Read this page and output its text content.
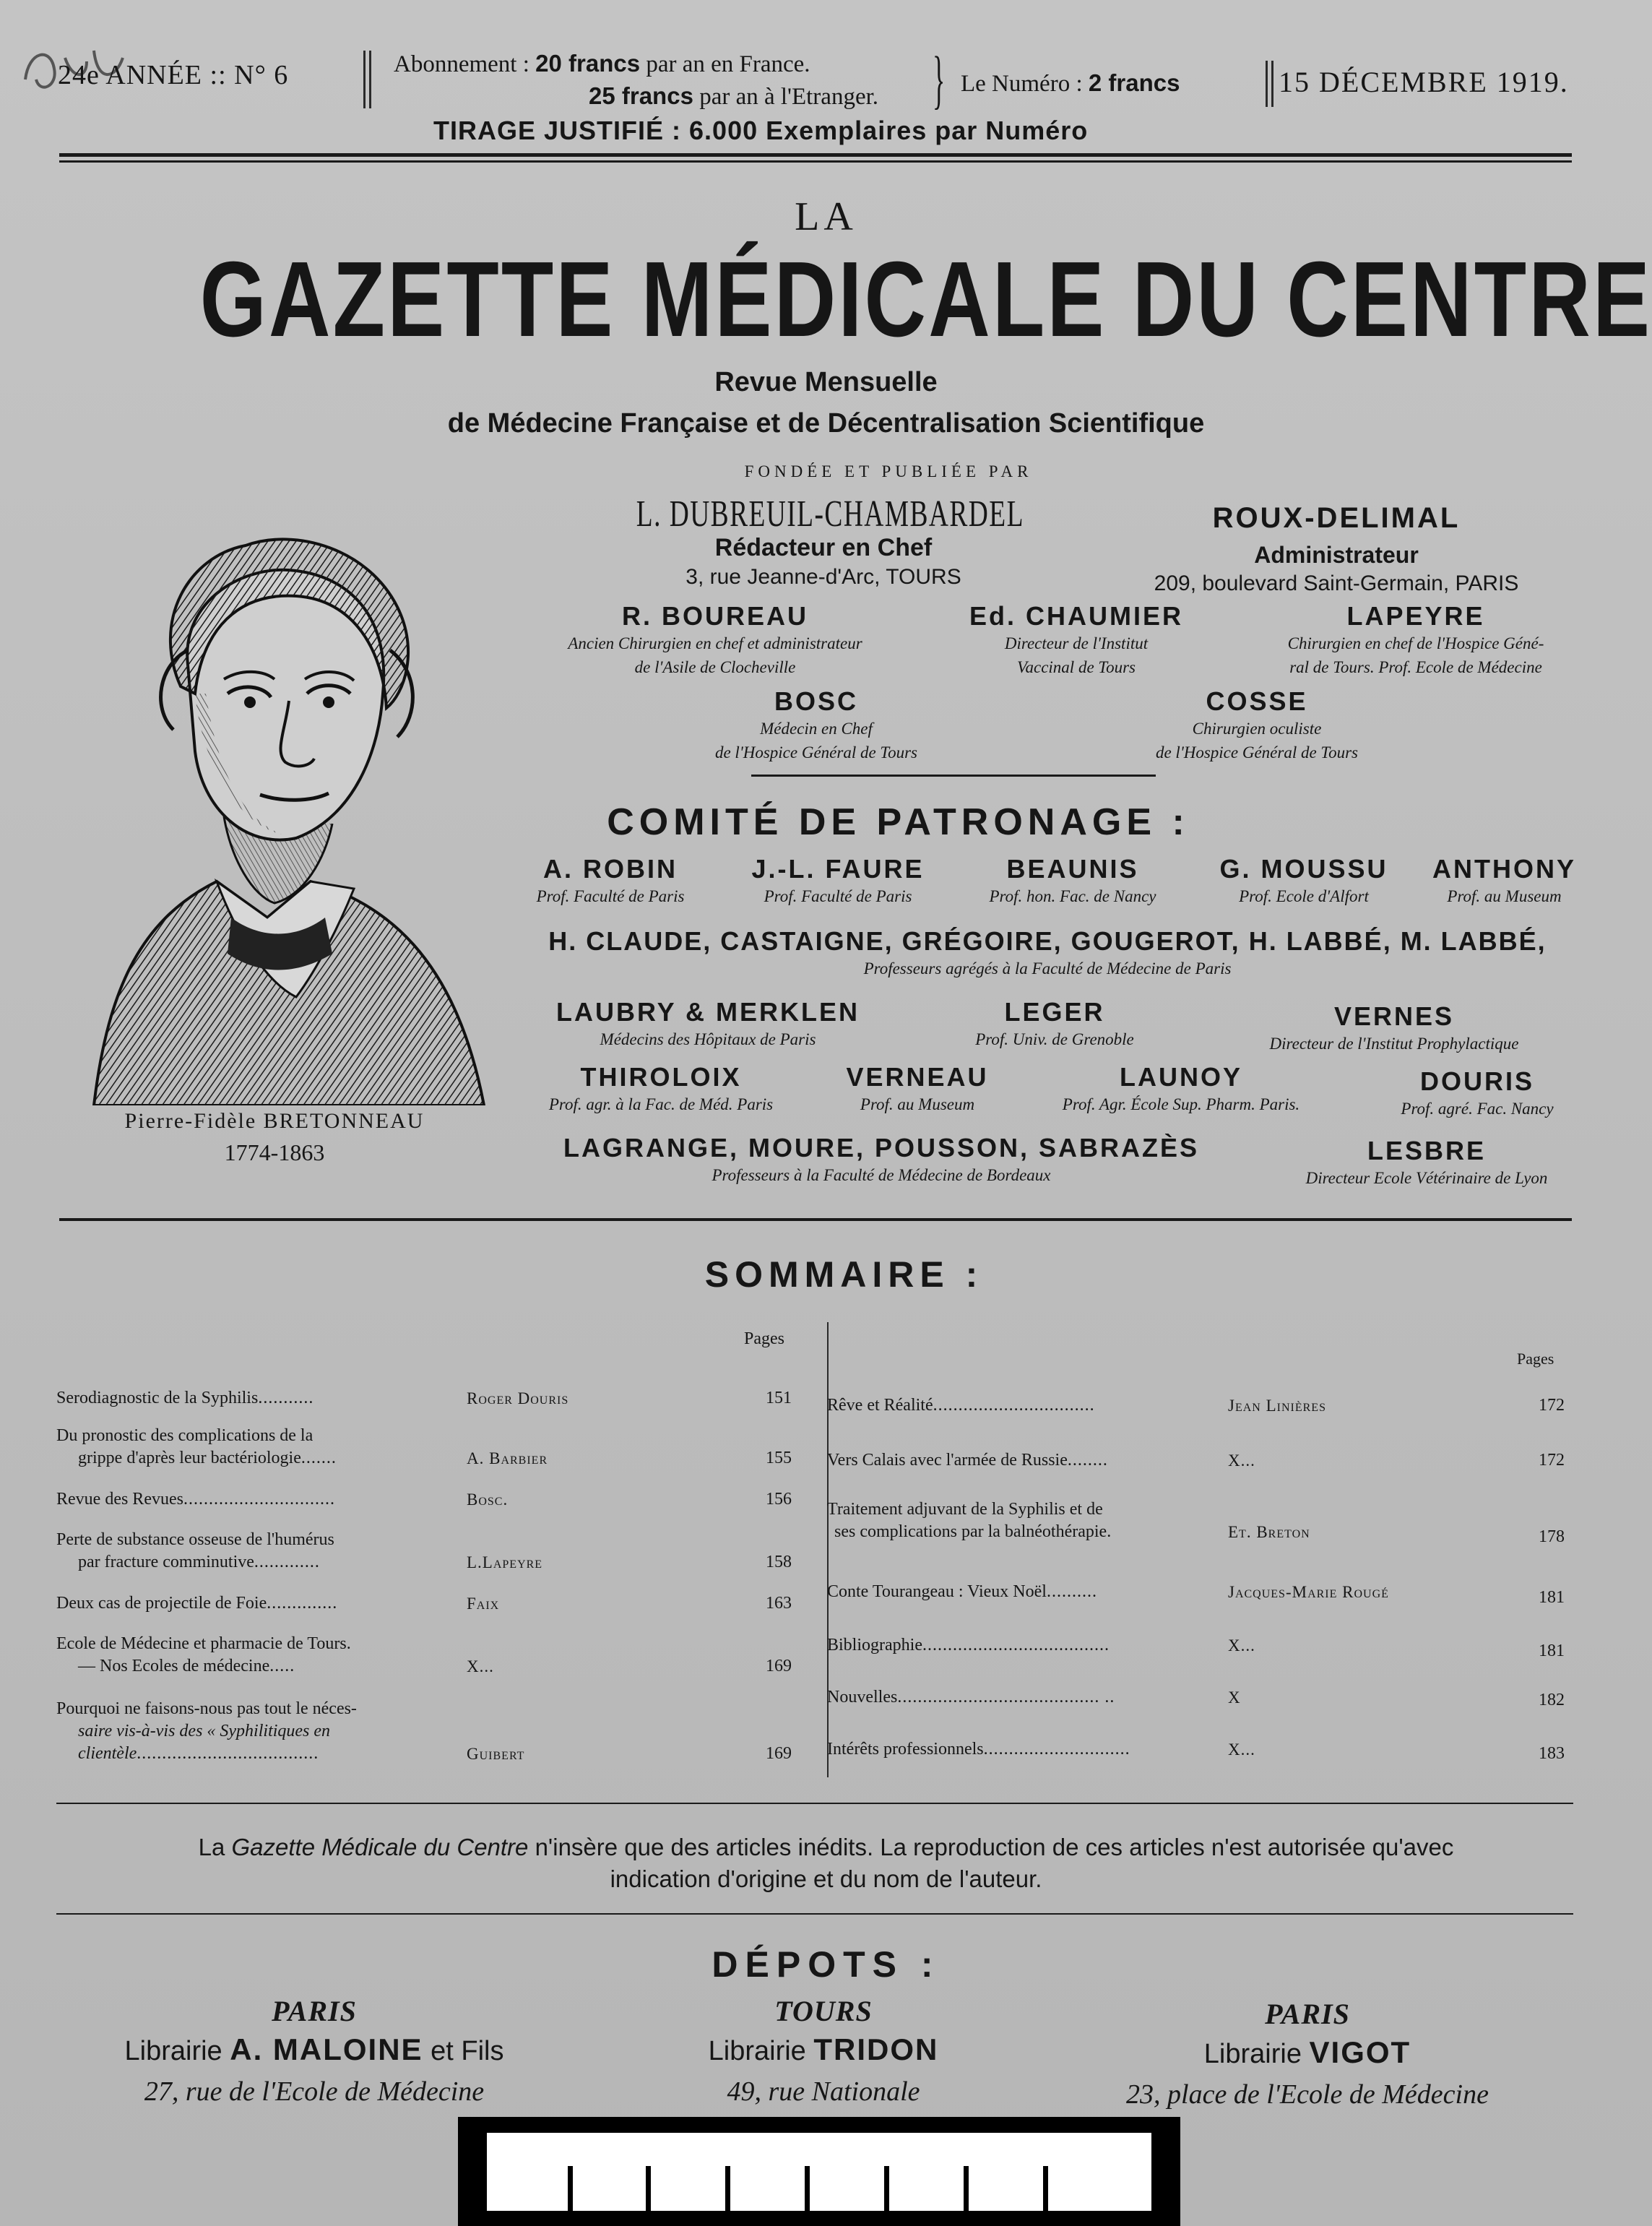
24e ANNÉE :: N° 6	Abonnement : 20 francs par an en France.
25 francs par an à l'Etranger. } Le Numéro : 2 francs	15 DÉCEMBRE 1919.
TIRAGE JUSTIFIÉ : 6.000 Exemplaires par Numéro
LA
GAZETTE MÉDICALE DU CENTRE
Revue Mensuelle
de Médecine Française et de Décentralisation Scientifique
Pierre-Fidèle BRETONNEAU
1774-1863
FONDÉE ET PUBLIÉE PAR
L. DUBREUIL-CHAMBARDEL
Rédacteur en Chef
3, rue Jeanne-d'Arc, TOURS
ROUX-DELIMAL
Administrateur
209, boulevard Saint-Germain, PARIS
R. BOUREAU
Ancien Chirurgien en chef et administrateur
de l'Asile de Clocheville
Ed. CHAUMIER
Directeur de l'Institut
Vaccinal de Tours
LAPEYRE
Chirurgien en chef de l'Hospice Géné-
ral de Tours. Prof. Ecole de Médecine
BOSC
Médecin en Chef
de l'Hospice Général de Tours
COSSE
Chirurgien oculiste
de l'Hospice Général de Tours
COMITÉ DE PATRONAGE :
A. ROBIN
Prof. Faculté de Paris
J.-L. FAURE
Prof. Faculté de Paris
BEAUNIS
Prof. hon. Fac. de Nancy
G. MOUSSU
Prof. Ecole d'Alfort
ANTHONY
Prof. au Museum
H. CLAUDE, CASTAIGNE, GRÉGOIRE, GOUGEROT, H. LABBÉ, M. LABBÉ,
Professeurs agrégés à la Faculté de Médecine de Paris
LAUBRY & MERKLEN
Médecins des Hôpitaux de Paris
LEGER
Prof. Univ. de Grenoble
VERNES
Directeur de l'Institut Prophylactique
THIROLOIX
Prof. agr. à la Fac. de Méd. Paris
VERNEAU
Prof. au Museum
LAUNOY
Prof. Agr. École Sup. Pharm. Paris.
DOURIS
Prof. agré. Fac. Nancy
LAGRANGE, MOURE, POUSSON, SABRAZÈS
Professeurs à la Faculté de Médecine de Bordeaux
LESBRE
Directeur Ecole Vétérinaire de Lyon
SOMMAIRE :
Pages
Pages
Serodiagnostic de la Syphilis...........	Roger Douris	151
Du pronostic des complications de la
grippe d'après leur bactériologie.......	A. Barbier	155
Revue des Revues..............................	Bosc.	156
Perte de substance osseuse de l'humérus
par fracture comminutive.............	L.Lapeyre	158
Deux cas de projectile de Foie..............	Faix	163
Ecole de Médecine et pharmacie de Tours.
— Nos Ecoles de médecine.....	X...	169
Pourquoi ne faisons-nous pas tout le néces-
saire vis-à-vis des « Syphilitiques en
clientèle....................................	Guibert	169
Rêve et Réalité................................	Jean Linières	172
Vers Calais avec l'armée de Russie........	X...	172
Traitement adjuvant de la Syphilis et de
ses complications par la balnéothérapie.	Et. Breton	178
Conte Tourangeau : Vieux Noël..........	Jacques-Marie Rougé	181
Bibliographie.....................................	X...	181
Nouvelles........................................ ..	X	182
Intérêts professionnels.............................	X...	183
La Gazette Médicale du Centre n'insère que des articles inédits. La reproduction de ces articles n'est autorisée qu'avec
indication d'origine et du nom de l'auteur.
DÉPOTS :
PARIS
Librairie A. MALOINE et Fils
27, rue de l'Ecole de Médecine
TOURS
Librairie TRIDON
49, rue Nationale
PARIS
Librairie VIGOT
23, place de l'Ecole de Médecine
